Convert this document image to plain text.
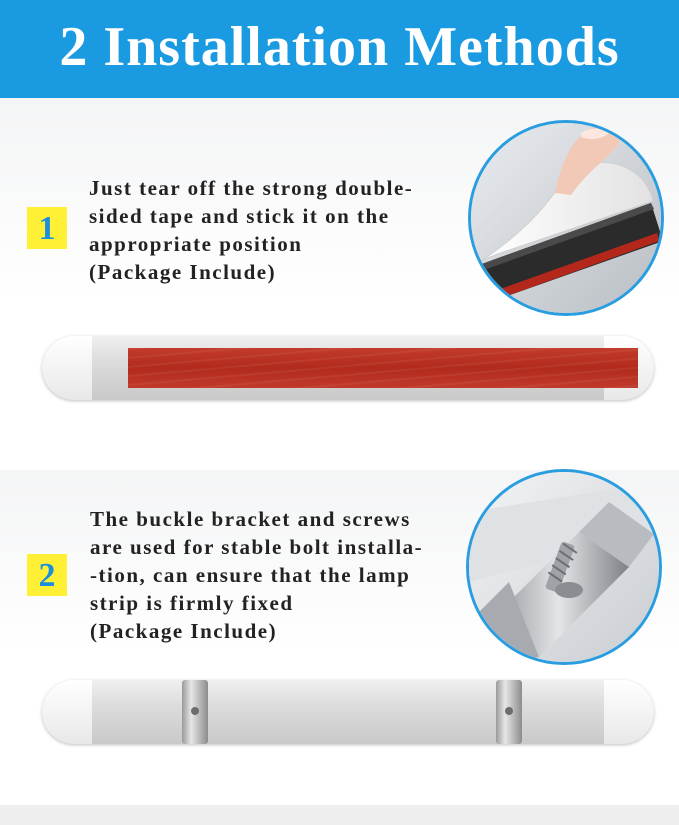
2 Installation Methods
1
Just tear off the strong double-
sided tape and stick it on the
appropriate position
(Package Include)
2
The buckle bracket and screws
are used for stable bolt installa-
-tion, can ensure that the lamp
strip is firmly fixed
(Package Include)
